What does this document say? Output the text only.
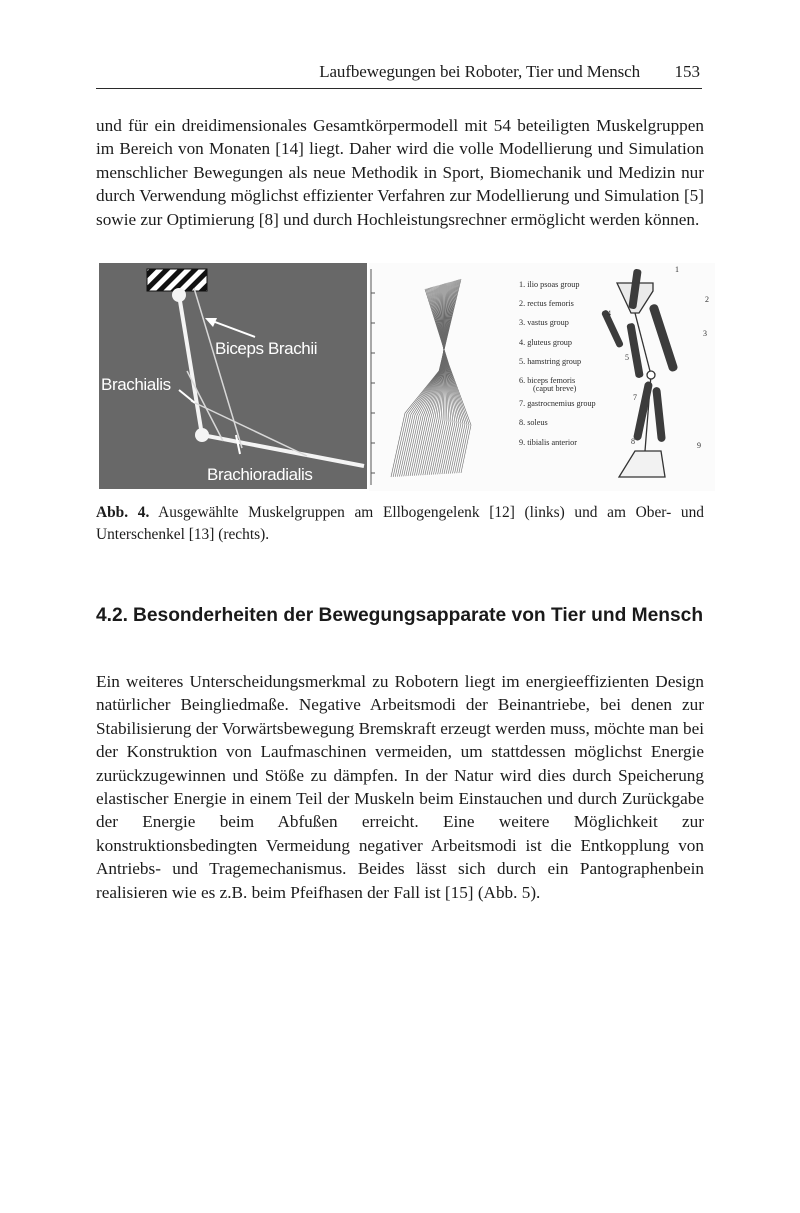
Laufbewegungen bei Roboter, Tier und Mensch 153

und für ein dreidimensionales Gesamtkörpermodell mit 54 beteiligten Muskelgruppen im Bereich von Monaten [14] liegt. Daher wird die volle Modellierung und Simulation menschlicher Bewegungen als neue Methodik in Sport, Biomechanik und Medizin nur durch Verwendung möglichst effizienter Verfahren zur Modellierung und Simulation [5] sowie zur Optimierung [8] und durch Hochleistungsrechner ermöglicht werden können.

Biceps Brachii
Brachialis
Brachioradialis
1. ilio psoas group
2. rectus femoris
3. vastus group
4. gluteus group
5. hamstring group
6. biceps femoris
(caput breve)
7. gastrocnemius group
8. soleus
9. tibialis anterior
1
2
3
4
5
6
7
8	9

Abb. 4. Ausgewählte Muskelgruppen am Ellbogengelenk [12] (links) und am Ober- und Unterschenkel [13] (rechts).

4.2. Besonderheiten der Bewegungsapparate von Tier und Mensch

Ein weiteres Unterscheidungsmerkmal zu Robotern liegt im energieeffizienten Design natürlicher Beingliedmaße. Negative Arbeitsmodi der Beinantriebe, bei denen zur Stabilisierung der Vorwärtsbewegung Bremskraft erzeugt werden muss, möchte man bei der Konstruktion von Laufmaschinen vermeiden, um stattdessen möglichst Energie zurückzugewinnen und Stöße zu dämpfen. In der Natur wird dies durch Speicherung elastischer Energie in einem Teil der Muskeln beim Einstauchen und durch Zurückgabe der Energie beim Abfußen erreicht. Eine weitere Möglichkeit zur konstruktionsbedingten Vermeidung negativer Arbeitsmodi ist die Entkopplung von Antriebs- und Tragemechanismus. Beides lässt sich durch ein Pantographenbein realisieren wie es z.B. beim Pfeifhasen der Fall ist [15] (Abb. 5).
